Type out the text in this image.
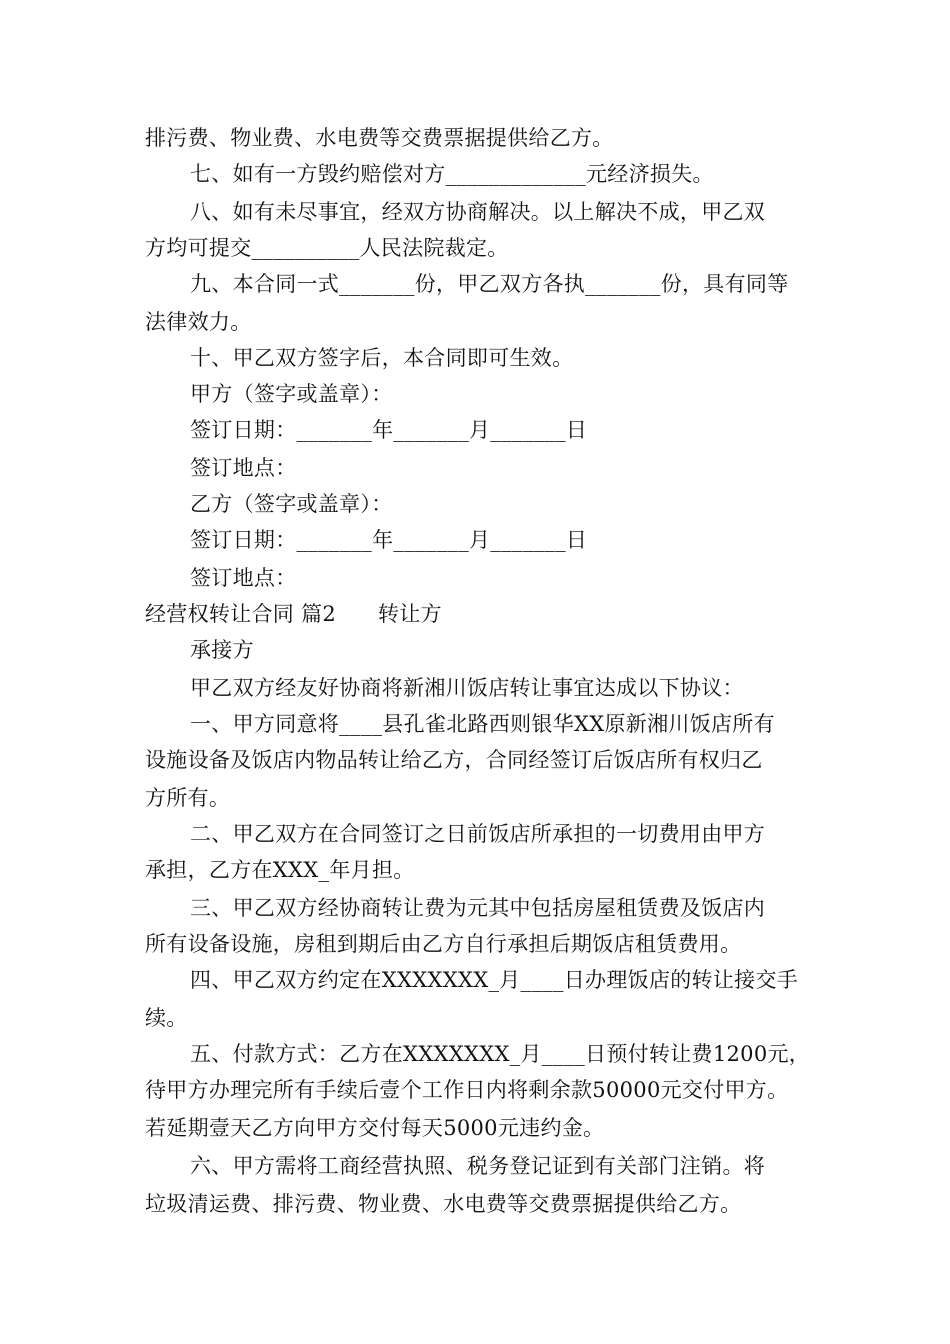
排污费、物业费、水电费等交费票据提供给乙方。
七、如有一方毁约赔偿对方_____________元经济损失。
八、如有未尽事宜，经双方协商解决。以上解决不成，甲乙双
方均可提交__________人民法院裁定。
九、本合同一式_______份，甲乙双方各执_______份，具有同等
法律效力。
十、甲乙双方签字后，本合同即可生效。
甲方（签字或盖章）：
签订日期：_______年_______月_______日
签订地点：
乙方（签字或盖章）：
签订日期：_______年_______月_______日
签订地点：
经营权转让合同 篇2 转让方
承接方
甲乙双方经友好协商将新湘川饭店转让事宜达成以下协议：
一、甲方同意将____县孔雀北路西则银华XX原新湘川饭店所有
设施设备及饭店内物品转让给乙方，合同经签订后饭店所有权归乙
方所有。
二、甲乙双方在合同签订之日前饭店所承担的一切费用由甲方
承担，乙方在XXX_年月担。
三、甲乙双方经协商转让费为元其中包括房屋租赁费及饭店内
所有设备设施，房租到期后由乙方自行承担后期饭店租赁费用。
四、甲乙双方约定在XXXXXXX_月____日办理饭店的转让接交手
续。
五、付款方式：乙方在XXXXXXX_月____日预付转让费1200元，
待甲方办理完所有手续后壹个工作日内将剩余款50000元交付甲方。
若延期壹天乙方向甲方交付每天5000元违约金。
六、甲方需将工商经营执照、税务登记证到有关部门注销。将
垃圾清运费、排污费、物业费、水电费等交费票据提供给乙方。
